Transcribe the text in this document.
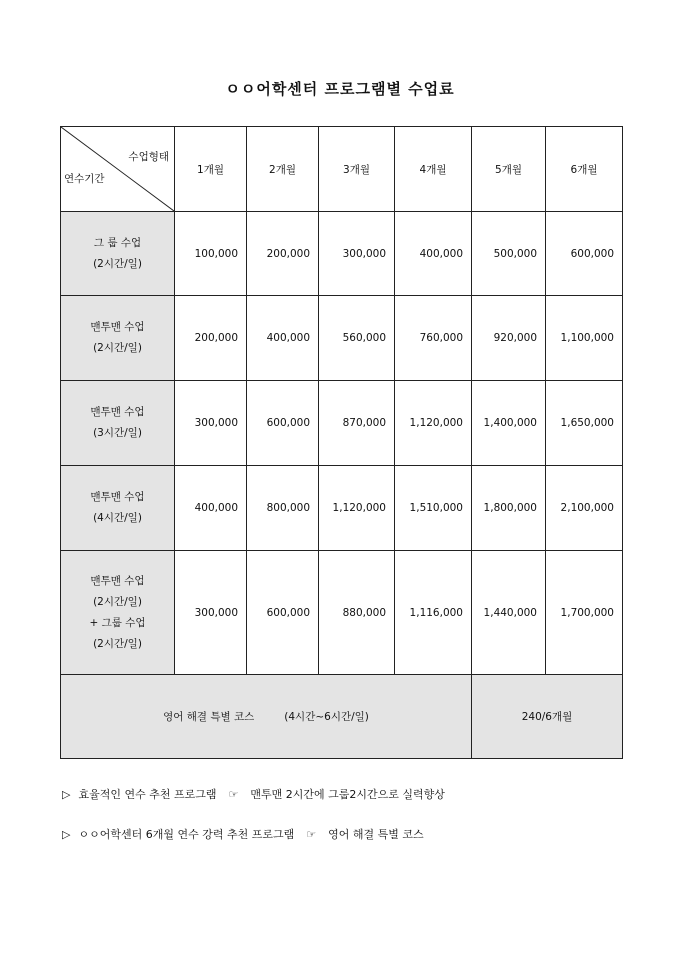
ㅇㅇ어학센터 프로그램별 수업료
수업형태
연수기간	1개월	2개월	3개월	4개월	5개월	6개월

그 룹 수업
(2시간/일)	100,000	200,000	300,000	400,000	500,000	600,000

맨투맨 수업
(2시간/일)	200,000	400,000	560,000	760,000	920,000	1,100,000

맨투맨 수업
(3시간/일)	300,000	600,000	870,000	1,120,000	1,400,000	1,650,000

맨투맨 수업
(4시간/일)	400,000	800,000	1,120,000	1,510,000	1,800,000	2,100,000

맨투맨 수업
(2시간/일)
+ 그룹 수업
(2시간/일)	300,000	600,000	880,000	1,116,000	1,440,000	1,700,000
영어 해결 특별 코스 (4시간~6시간/일)					240/6개월	
▷ 효율적인 연수 추천 프로그램 ☞ 맨투맨 2시간에 그룹2시간으로 실력향상
▷ ㅇㅇ어학센터 6개월 연수 강력 추천 프로그램 ☞ 영어 해결 특별 코스
